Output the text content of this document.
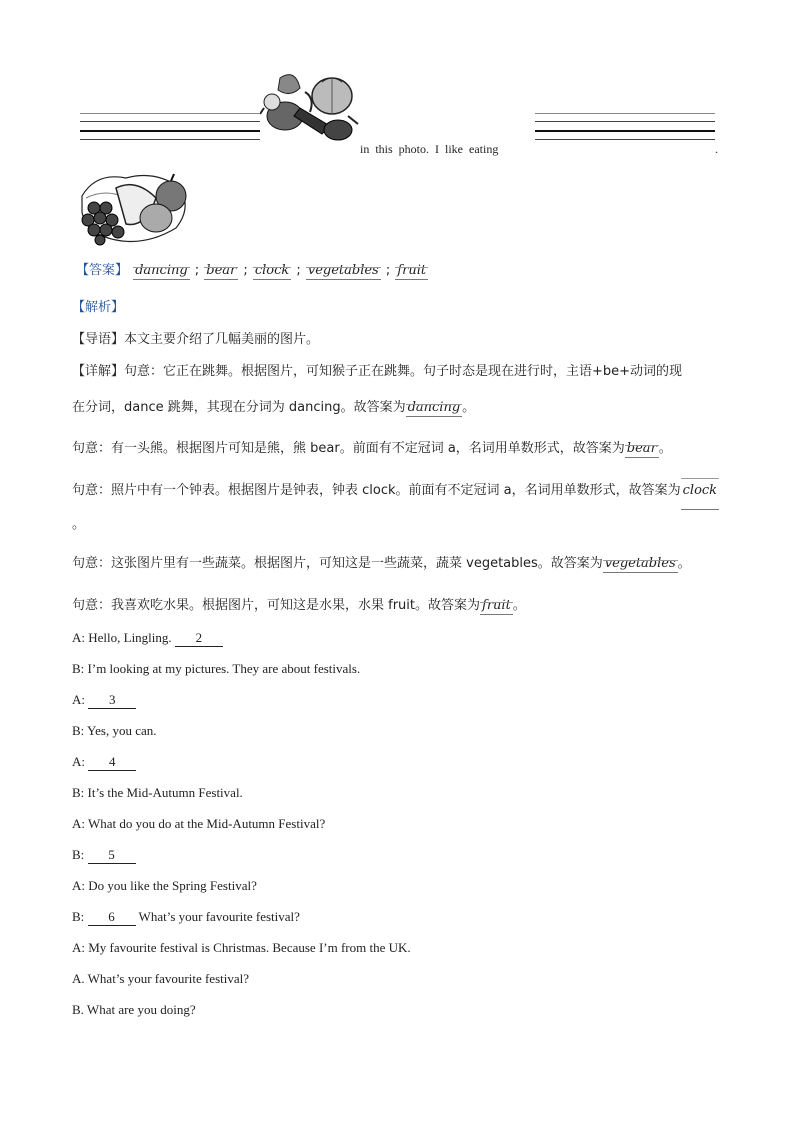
in this photo. I like eating	.
【答案】 dancing ; bear ; clock ; vegetables ; fruit
【解析】
【导语】本文主要介绍了几幅美丽的图片。
【详解】句意：它正在跳舞。根据图片，可知猴子正在跳舞。句子时态是现在进行时，主语+be+动词的现
在分词，dance 跳舞，其现在分词为 dancing。故答案为 dancing 。
句意：有一头熊。根据图片可知是熊，熊 bear。前面有不定冠词 a，名词用单数形式，故答案为 bear 。
句意：照片中有一个钟表。根据图片是钟表，钟表 clock。前面有不定冠词 a，名词用单数形式，故答案为 clock。
句意：这张图片里有一些蔬菜。根据图片，可知这是一些蔬菜，蔬菜 vegetables。故答案为 vegetables 。
句意：我喜欢吃水果。根据图片，可知这是水果，水果 fruit。故答案为 fruit 。
A: Hello, Lingling. 2
B: I’m looking at my pictures. They are about festivals.
A: 3
B: Yes, you can.
A: 4
B: It’s the Mid-Autumn Festival.
A: What do you do at the Mid-Autumn Festival?
B: 5
A: Do you like the Spring Festival?
B: 6 What’s your favourite festival?
A: My favourite festival is Christmas. Because I’m from the UK.
A. What’s your favourite festival?
B. What are you doing?
